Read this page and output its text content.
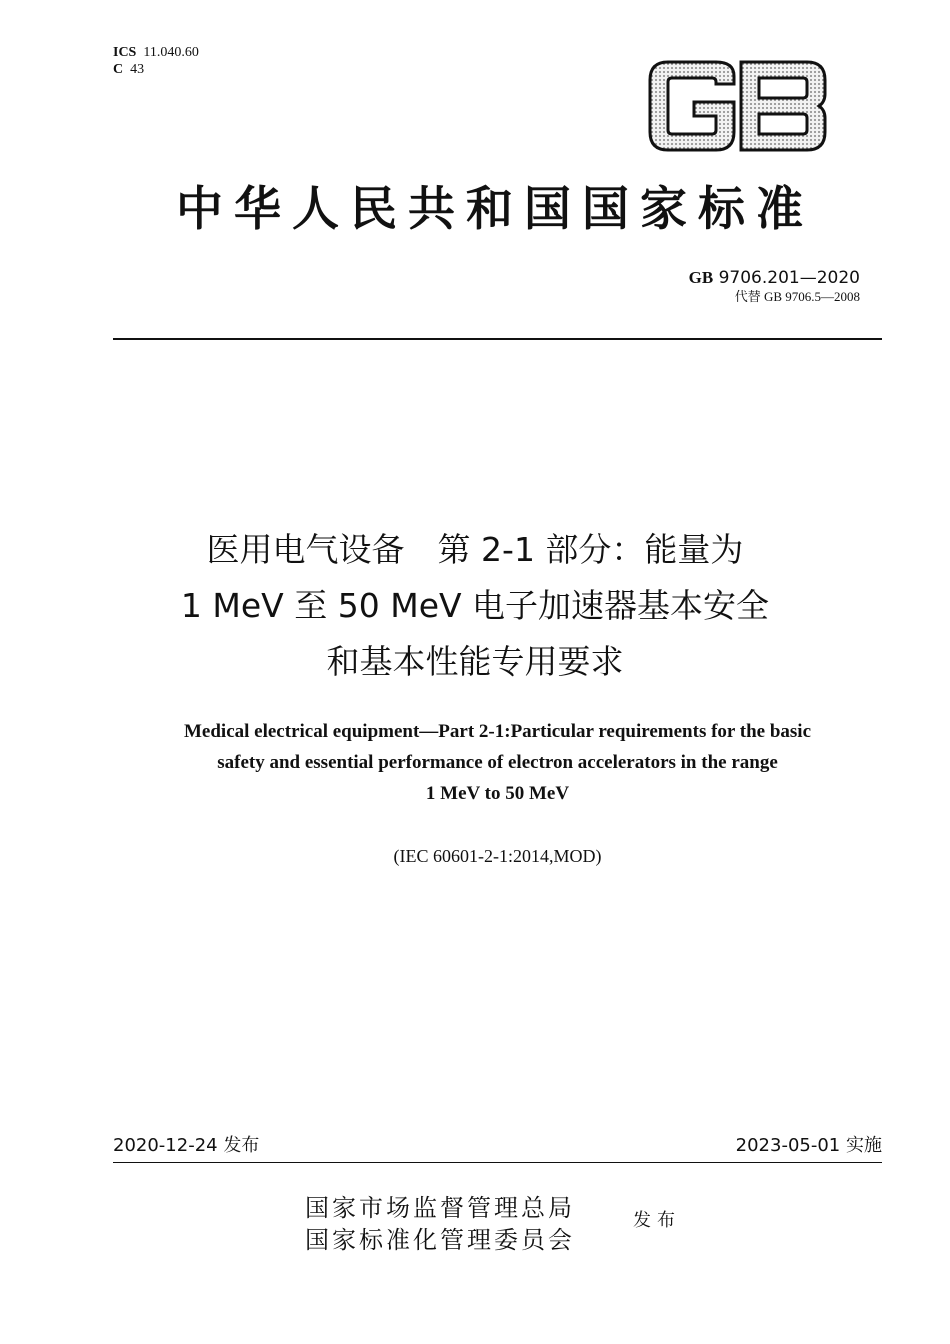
ICS 11.040.60
C 43
中华人民共和国国家标准
GB 9706.201—2020
代替 GB 9706.5—2008
医用电气设备　第 2-1 部分：能量为
1 MeV 至 50 MeV 电子加速器基本安全
和基本性能专用要求
Medical electrical equipment—Part 2-1:Particular requirements for the basic
safety and essential performance of electron accelerators in the range
1 MeV to 50 MeV
(IEC 60601-2-1:2014,MOD)
2020-12-24 发布	2023-05-01 实施
国家市场监督管理总局
国家标准化管理委员会
发布
